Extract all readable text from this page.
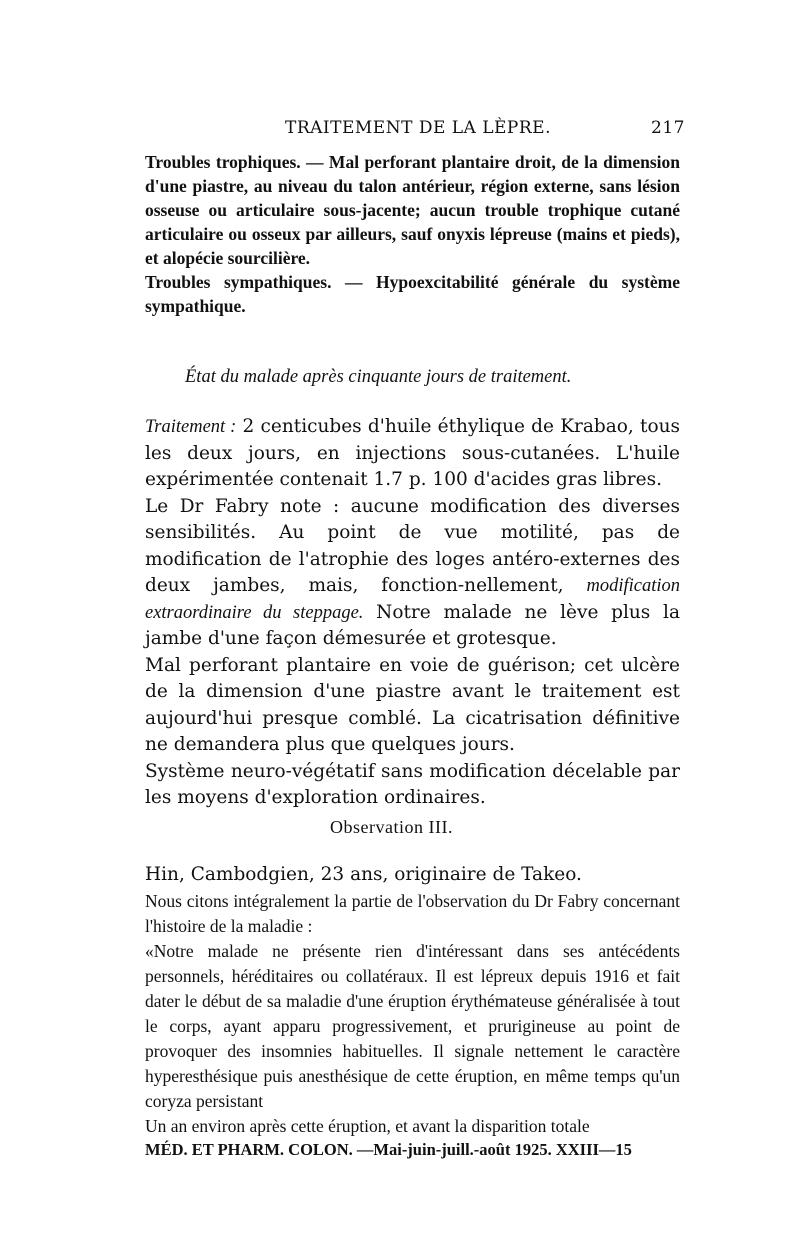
TRAITEMENT DE LA LÈPRE.	217

Troubles trophiques. — Mal perforant plantaire droit, de la dimension d'une piastre, au niveau du talon antérieur, région externe, sans lésion osseuse ou articulaire sous-jacente; aucun trouble trophique cutané articulaire ou osseux par ailleurs, sauf onyxis lépreuse (mains et pieds), et alopécie sourcilière.

Troubles sympathiques. — Hypoexcitabilité générale du système sympathique.

État du malade après cinquante jours de traitement.

Traitement : 2 centicubes d'huile éthylique de Krabao, tous les deux jours, en injections sous-cutanées. L'huile expérimentée contenait 1.7 p. 100 d'acides gras libres.

Le Dr Fabry note : aucune modification des diverses sensibilités. Au point de vue motilité, pas de modification de l'atrophie des loges antéro-externes des deux jambes, mais, fonction-nellement, modification extraordinaire du steppage. Notre malade ne lève plus la jambe d'une façon démesurée et grotesque.

Mal perforant plantaire en voie de guérison; cet ulcère de la dimension d'une piastre avant le traitement est aujourd'hui presque comblé. La cicatrisation définitive ne demandera plus que quelques jours.

Système neuro-végétatif sans modification décelable par les moyens d'exploration ordinaires.

Observation III.

Hin, Cambodgien, 23 ans, originaire de Takeo.

Nous citons intégralement la partie de l'observation du Dr Fabry concernant l'histoire de la maladie :

«Notre malade ne présente rien d'intéressant dans ses antécédents personnels, héréditaires ou collatéraux. Il est lépreux depuis 1916 et fait dater le début de sa maladie d'une éruption érythémateuse généralisée à tout le corps, ayant apparu progressivement, et prurigineuse au point de provoquer des insomnies habituelles. Il signale nettement le caractère hyperesthésique puis anesthésique de cette éruption, en même temps qu'un coryza persistant

Un an environ après cette éruption, et avant la disparition totale

MÉD. ET PHARM. COLON. —Mai-juin-juill.-août 1925. XXIII—15
